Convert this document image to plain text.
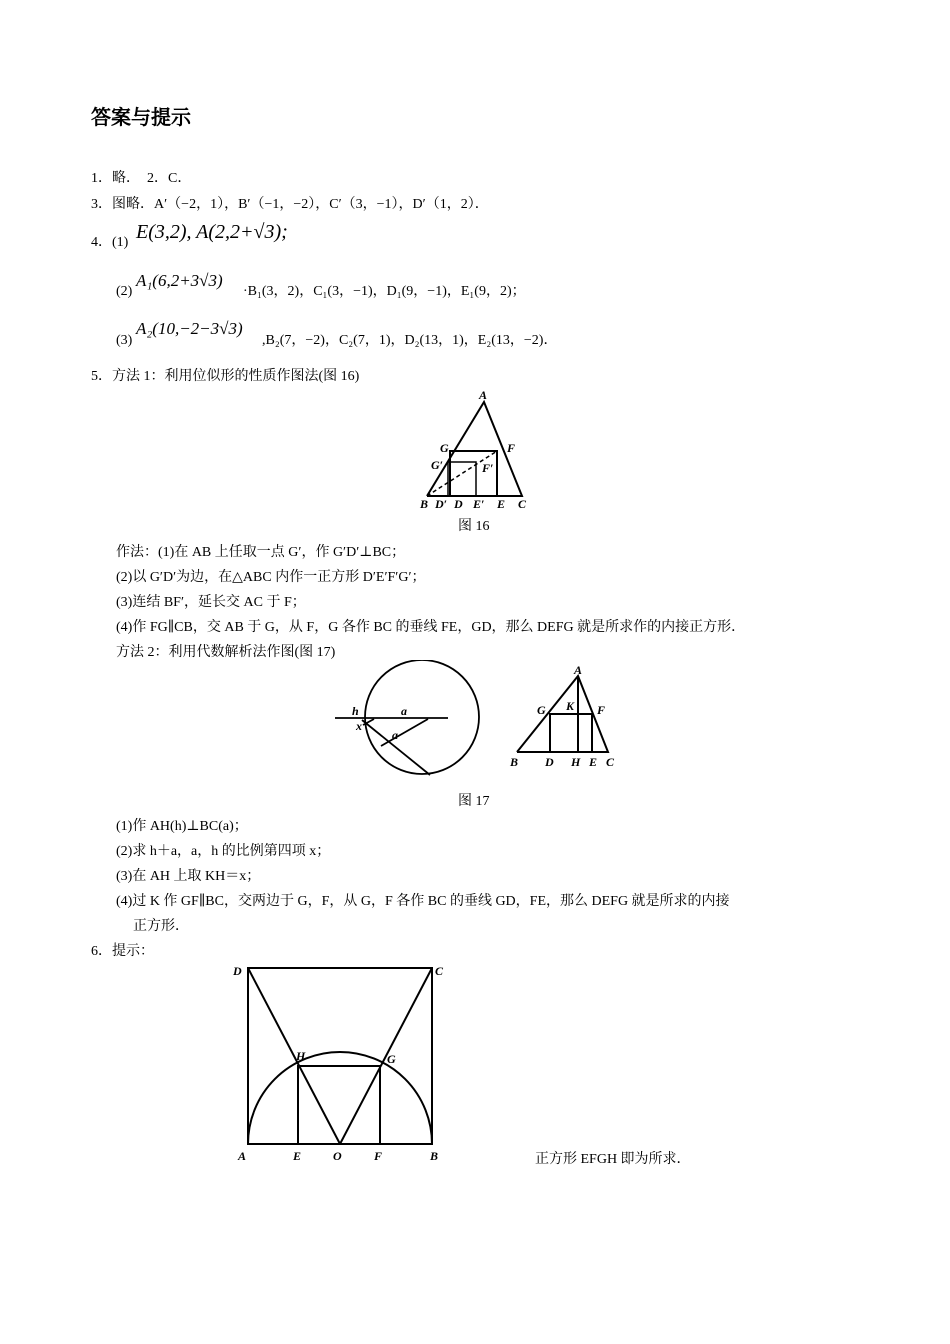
答案与提示
1．略．　2．C．
3．图略．A′（−2，1），B′（−1，−2），C′（3，−1），D′（1，2）．
4．(1) E(3,2), A(2,2+√3);
(2)
A₁(6,2+3√3)
·B₁(3，2)，C₁(3，−1)，D₁(9，−1)，E₁(9，2)；
(3)
A₂(10,−2−3√3)
,B₂(7，−2)，C₂(7，1)，D₂(13，1)，E₂(13，−2)．
5．方法 1：利用位似形的性质作图法(图 16)
A
G	F
G′	F′
B D′ D E′ E C
图 16
作法：(1)在 AB 上任取一点 G′，作 G′D′⊥BC；
(2)以 G′D′为边，在△ABC 内作一正方形 D′E′F′G′；
(3)连结 BF′，延长交 AC 于 F；
(4)作 FG∥CB，交 AB 于 G，从 F，G 各作 BC 的垂线 FE，GD，那么 DEFG 就是所求作的内接正方形．
方法 2：利用代数解析法作图(图 17)
h	a
x
a
A
G K F
B D H E C
图 17
(1)作 AH(h)⊥BC(a)；
(2)求 h＋a，a，h 的比例第四项 x；
(3)在 AH 上取 KH＝x；
(4)过 K 作 GF∥BC，交两边于 G，F，从 G，F 各作 BC 的垂线 GD，FE，那么 DEFG 就是所求的内接
正方形．
6．提示：
D	C
H	G
A	E	O	F	B	正方形 EFGH 即为所求．
